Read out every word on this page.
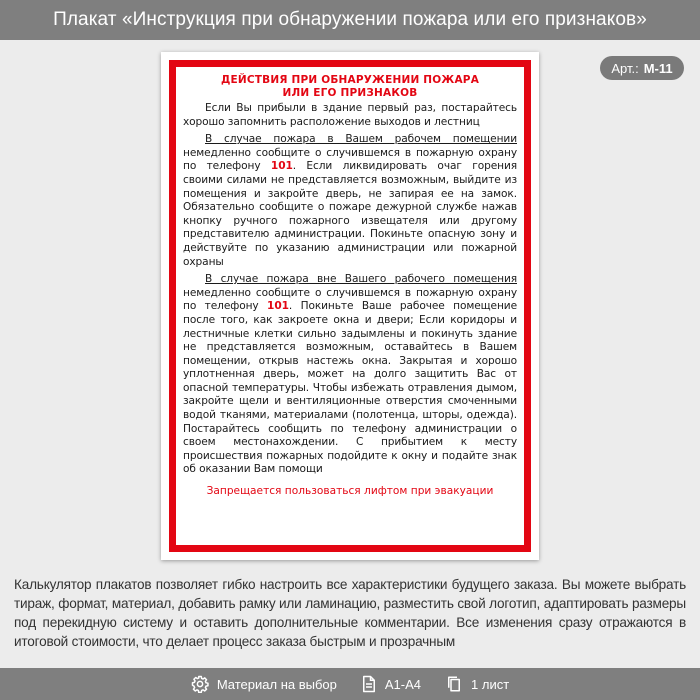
Плакат «Инструкция при обнаружении пожара или его признаков»
Арт.: М-11
ДЕЙСТВИЯ ПРИ ОБНАРУЖЕНИИ ПОЖАРА
ИЛИ ЕГО ПРИЗНАКОВ

Если Вы прибыли в здание первый раз, постарайтесь хорошо запомнить расположение выходов и лестниц

В случае пожара в Вашем рабочем помещении немедленно сообщите о случившемся в пожарную охрану по телефону 101. Если ликвидировать очаг горения своими силами не представляется возможным, выйдите из помещения и закройте дверь, не запирая ее на замок. Обязательно сообщите о пожаре дежурной службе нажав кнопку ручного пожарного извещателя или другому представителю администрации. Покиньте опасную зону и действуйте по указанию администрации или пожарной охраны

В случае пожара вне Вашего рабочего помещения немедленно сообщите о случившемся в пожарную охрану по телефону 101. Покиньте Ваше рабочее помещение после того, как закроете окна и двери; Если коридоры и лестничные клетки сильно задымлены и покинуть здание не представляется возможным, оставайтесь в Вашем помещении, открыв настежь окна. Закрытая и хорошо уплотненная дверь, может на долго защитить Вас от опасной температуры. Чтобы избежать отравления дымом, закройте щели и вентиляционные отверстия смоченными водой тканями, материалами (полотенца, шторы, одежда). Постарайтесь сообщить по телефону администрации о своем местонахождении. С прибытием к месту происшествия пожарных подойдите к окну и подайте знак об оказании Вам помощи

Запрещается пользоваться лифтом при эвакуации
Калькулятор плакатов позволяет гибко настроить все характеристики будущего заказа. Вы можете выбрать тираж, формат, материал, добавить рамку или ламинацию, разместить свой логотип, адаптировать размеры под перекидную систему и оставить дополнительные комментарии. Все изменения сразу отражаются в итоговой стоимости, что делает процесс заказа быстрым и прозрачным
Материал на выбор	А1-А4	1 лист
